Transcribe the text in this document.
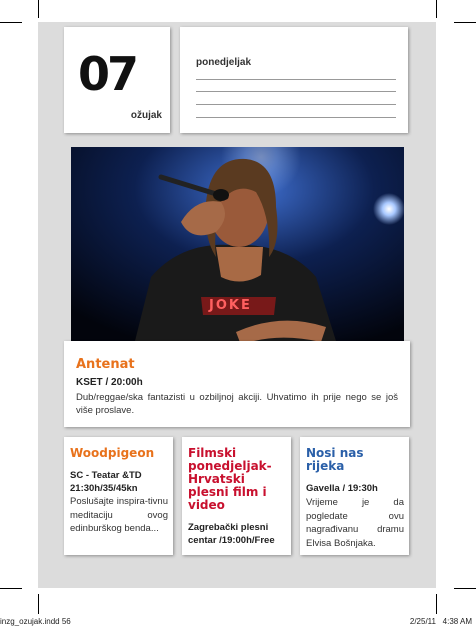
07
ožujak
ponedjeljak
JOKE
Antenat
KSET / 20:00h
Dub/reggae/ska fantazisti u ozbiljnoj akciji. Uhvatimo ih prije nego se još više proslave.
Woodpigeon
SC - Teatar &TD 21:30h/35/45kn
Poslušajte inspira-tivnu meditaciju ovog edinburškog benda...
Filmski ponedjeljak- Hrvatski plesni film i video
Zagrebački plesni centar /19:00h/Free
Nosi nas rijeka
Gavella / 19:30h
Vrijeme je da pogledate ovu nagrađivanu dramu Elvisa Bošnjaka.
inzg_ozujak.indd 56	2/25/11   4:38 AM
